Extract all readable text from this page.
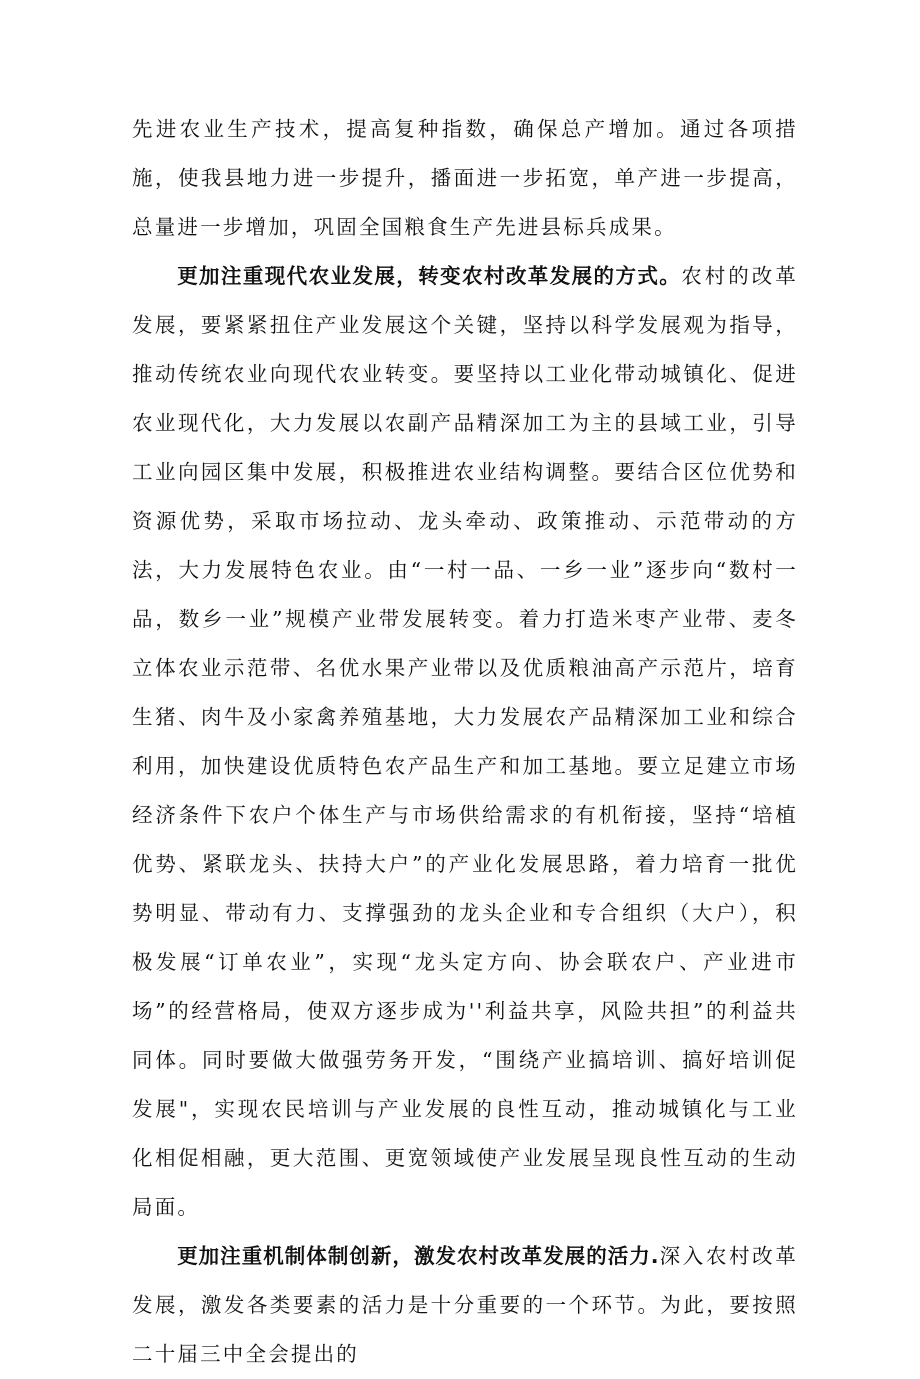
先进农业生产技术，提高复种指数，确保总产增加。通过各项措施，使我县地力进一步提升，播面进一步拓宽，单产进一步提高，总量进一步增加，巩固全国粮食生产先进县标兵成果。

更加注重现代农业发展，转变农村改革发展的方式。农村的改革发展，要紧紧扭住产业发展这个关键，坚持以科学发展观为指导，推动传统农业向现代农业转变。要坚持以工业化带动城镇化、促进农业现代化，大力发展以农副产品精深加工为主的县域工业，引导工业向园区集中发展，积极推进农业结构调整。要结合区位优势和资源优势，采取市场拉动、龙头牵动、政策推动、示范带动的方法，大力发展特色农业。由“一村一品、一乡一业”逐步向“数村一品，数乡一业”规模产业带发展转变。着力打造米枣产业带、麦冬立体农业示范带、名优水果产业带以及优质粮油高产示范片，培育生猪、肉牛及小家禽养殖基地，大力发展农产品精深加工业和综合利用，加快建设优质特色农产品生产和加工基地。要立足建立市场经济条件下农户个体生产与市场供给需求的有机衔接，坚持“培植优势、紧联龙头、扶持大户”的产业化发展思路，着力培育一批优势明显、带动有力、支撑强劲的龙头企业和专合组织（大户），积极发展“订单农业”，实现“龙头定方向、协会联农户、产业进市场”的经营格局，使双方逐步成为''利益共享，风险共担”的利益共同体。同时要做大做强劳务开发，“围绕产业搞培训、搞好培训促发展"，实现农民培训与产业发展的良性互动，推动城镇化与工业化相促相融，更大范围、更宽领域使产业发展呈现良性互动的生动局面。

更加注重机制体制创新，激发农村改革发展的活力.深入农村改革发展，激发各类要素的活力是十分重要的一个环节。为此，要按照二十届三中全会提出的
